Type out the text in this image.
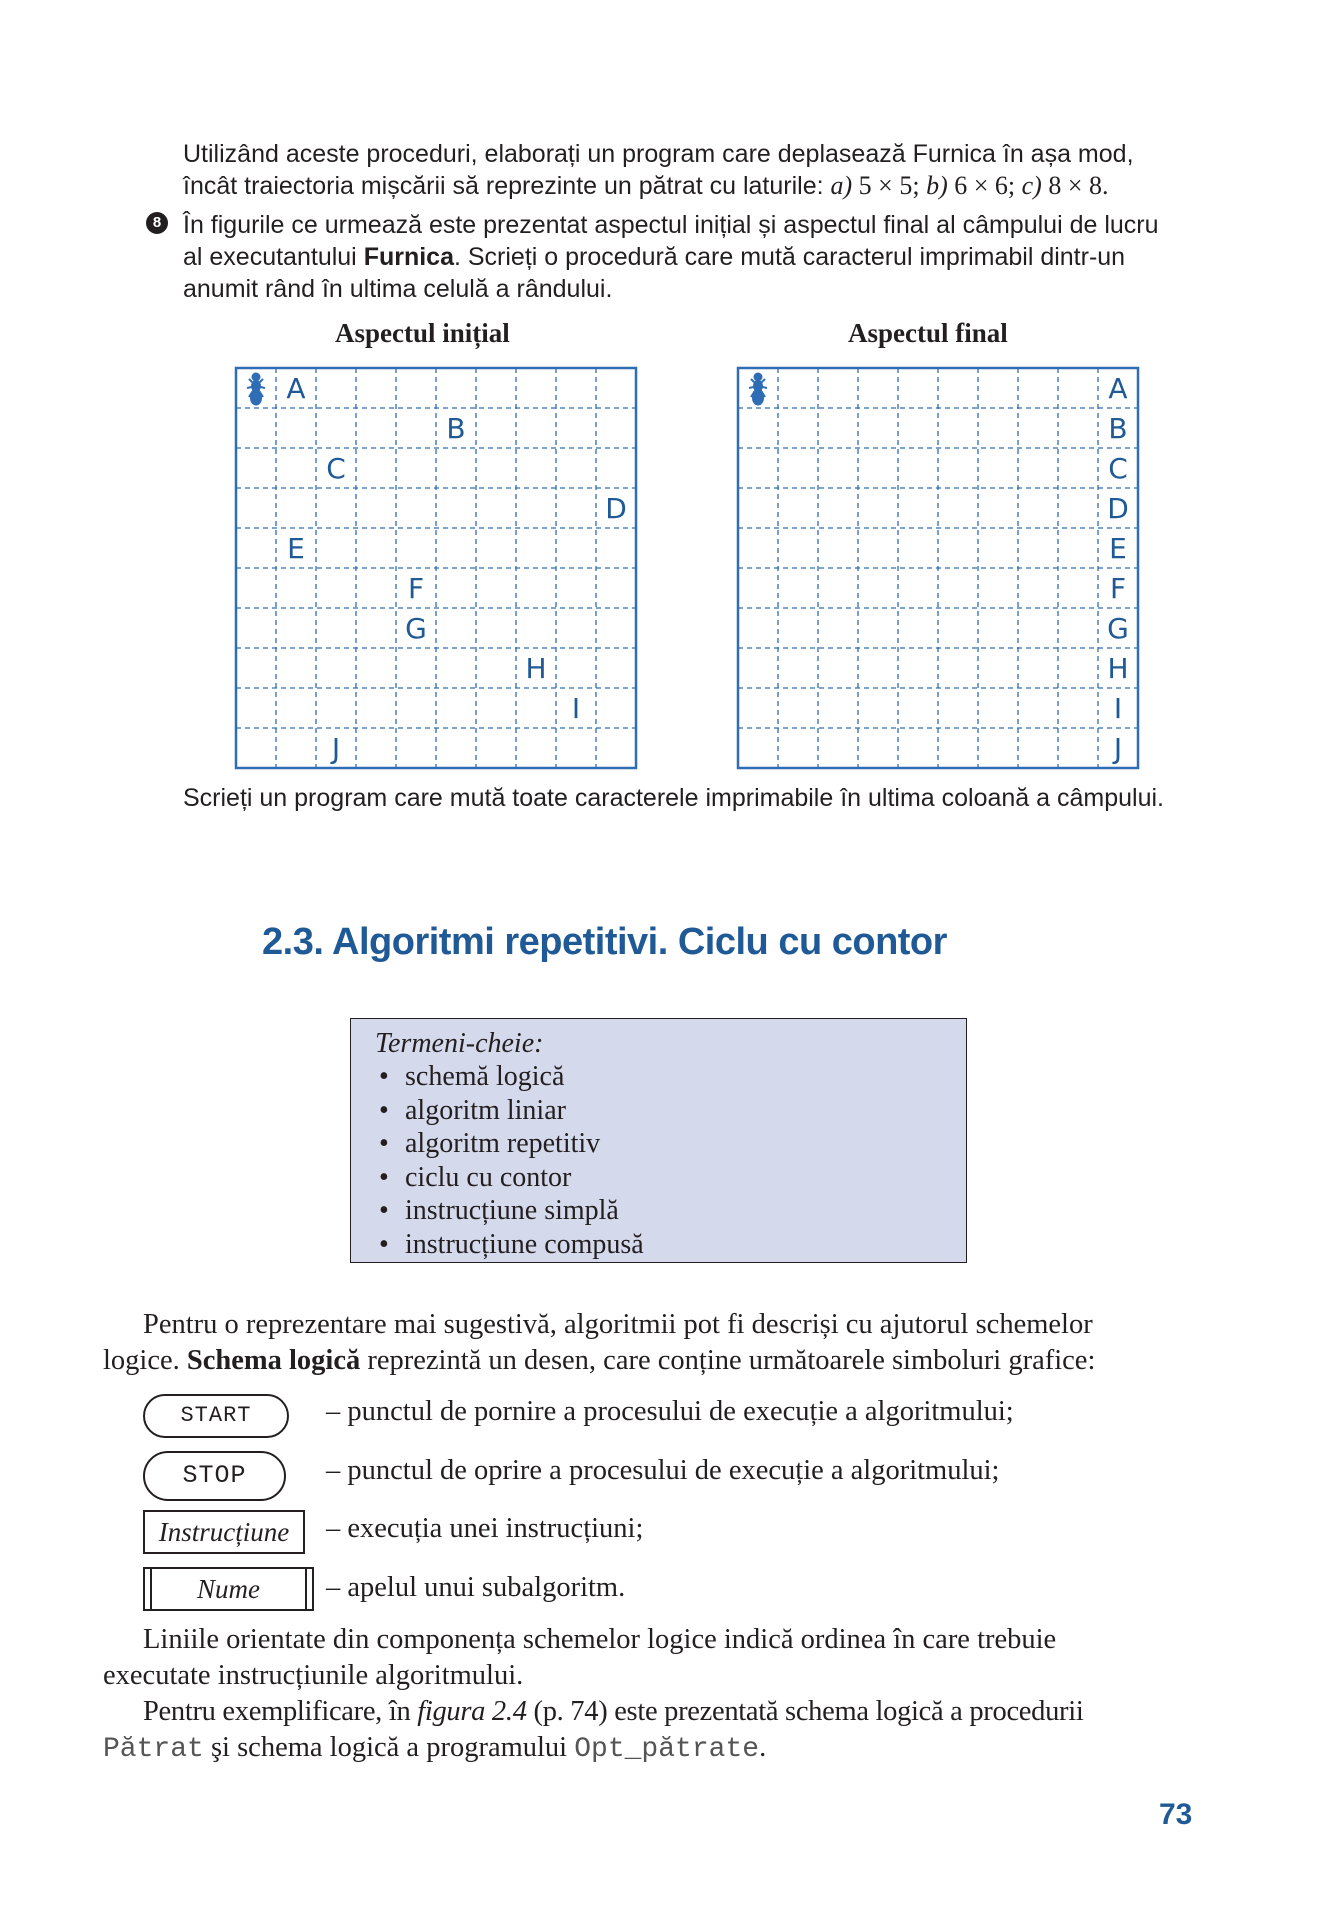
Utilizând aceste proceduri, elaborați un program care deplasează Furnica în așa mod,
încât traiectoria mișcării să reprezinte un pătrat cu laturile: a) 5 × 5; b) 6 × 6; c) 8 × 8.
8 În figurile ce urmează este prezentat aspectul inițial și aspectul final al câmpului de lucru
al executantului Furnica. Scrieți o procedură care mută caracterul imprimabil dintr-un
anumit rând în ultima celulă a rândului.
Aspectul inițial	Aspectul final
A
B
C
D
E
F
G
H
I
J
A
B
C
D
E
F
G
H
I
J
Scrieți un program care mută toate caracterele imprimabile în ultima coloană a câmpului.
2.3. Algoritmi repetitivi. Ciclu cu contor
Termeni-cheie:
• schemă logică
• algoritm liniar
• algoritm repetitiv
• ciclu cu contor
• instrucțiune simplă
• instrucțiune compusă
Pentru o reprezentare mai sugestivă, algoritmii pot fi descriși cu ajutorul schemelor
logice. Schema logică reprezintă un desen, care conține următoarele simboluri grafice:
START	– punctul de pornire a procesului de execuție a algoritmului;
STOP	– punctul de oprire a procesului de execuție a algoritmului;
Instrucțiune	– execuția unei instrucțiuni;
Nume	– apelul unui subalgoritm.
Liniile orientate din componența schemelor logice indică ordinea în care trebuie
executate instrucțiunile algoritmului.
Pentru exemplificare, în figura 2.4 (p. 74) este prezentată schema logică a procedurii
Pătrat şi schema logică a programului Opt_pătrate.
73
